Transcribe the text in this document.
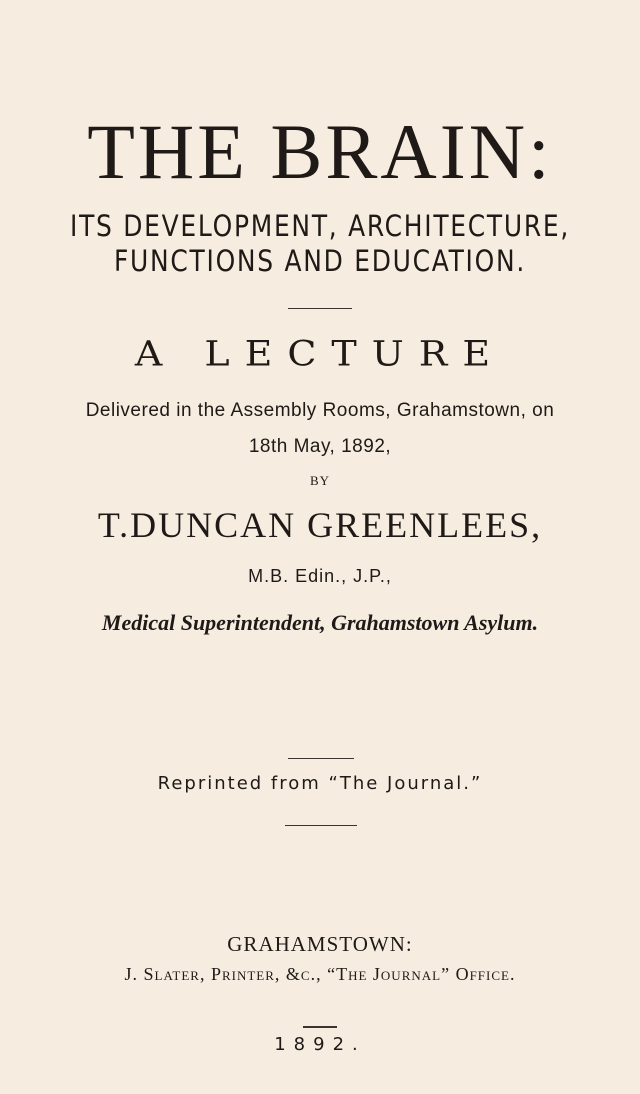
THE BRAIN:
ITS DEVELOPMENT, ARCHITECTURE,
FUNCTIONS AND EDUCATION.
A LECTURE
Delivered in the Assembly Rooms, Grahamstown, on
18th May, 1892,
BY
T.DUNCAN GREENLEES,
M.B. Edin., J.P.,
Medical Superintendent, Grahamstown Asylum.
Reprinted from “The Journal.”
GRAHAMSTOWN:
J. Slater, Printer, &c., “The Journal” Office.
1892.
